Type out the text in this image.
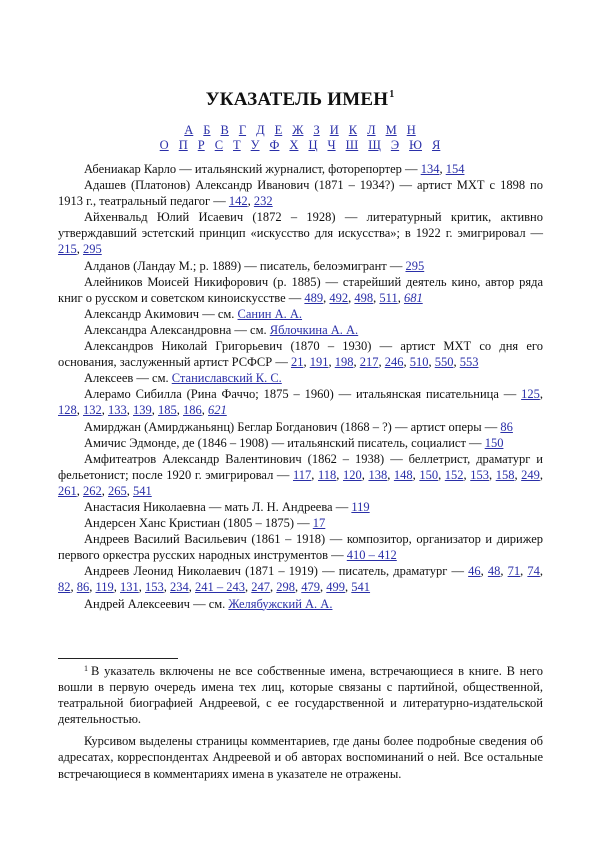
УКАЗАТЕЛЬ ИМЕН$^1$
А Б В Г Д Е Ж З И К Л М Н
О П Р С Т У Ф Х Ц Ч Ш Щ Э Ю Я

Абениакар Карло — итальянский журналист, фоторепортер — 134, 154

Адашев (Платонов) Александр Иванович (1871 – 1934?) — артист МХТ с 1898 по 1913 г., театральный педагог — 142, 232

Айхенвальд Юлий Исаевич (1872 – 1928) — литературный критик, активно утверждавший эстетский принцип «искусство для искусства»; в 1922 г. эмигрировал — 215, 295

Алданов (Ландау М.; р. 1889) — писатель, белоэмигрант — 295

Алейников Моисей Никифорович (р. 1885) — старейший деятель кино, автор ряда книг о русском и советском киноискусстве — 489, 492, 498, 511, 681

Александр Акимович — см. Санин А. А.

Александра Александровна — см. Яблочкина А. А.

Александров Николай Григорьевич (1870 – 1930) — артист МХТ со дня его основания, заслуженный артист РСФСР — 21, 191, 198, 217, 246, 510, 550, 553

Алексеев — см. Станиславский К. С.

Алерамо Сибилла (Рина Фаччо; 1875 – 1960) — итальянская писательница — 125, 128, 132, 133, 139, 185, 186, 621

Амирджан (Амирджаньянц) Беглар Богданович (1868 – ?) — артист оперы — 86

Амичис Эдмонде, де (1846 – 1908) — итальянский писатель, социалист — 150

Амфитеатров Александр Валентинович (1862 – 1938) — беллетрист, драматург и фельетонист; после 1920 г. эмигрировал — 117, 118, 120, 138, 148, 150, 152, 153, 158, 249, 261, 262, 265, 541

Анастасия Николаевна — мать Л. Н. Андреева — 119

Андерсен Ханс Кристиан (1805 – 1875) — 17

Андреев Василий Васильевич (1861 – 1918) — композитор, организатор и дирижер первого оркестра русских народных инструментов — 410 – 412

Андреев Леонид Николаевич (1871 – 1919) — писатель, драматург — 46, 48, 71, 74, 82, 86, 119, 131, 153, 234, 241 – 243, 247, 298, 479, 499, 541

Андрей Алексеевич — см. Желябужский А. А.

$^1$ В указатель включены не все собственные имена, встречающиеся в книге. В него вошли в первую очередь имена тех лиц, которые связаны с партийной, общественной, театральной биографией Андреевой, с ее государственной и литературно-издательской деятельностью.

Курсивом выделены страницы комментариев, где даны более подробные сведения об адресатах, корреспондентах Андреевой и об авторах воспоминаний о ней. Все остальные встречающиеся в комментариях имена в указателе не отражены.
